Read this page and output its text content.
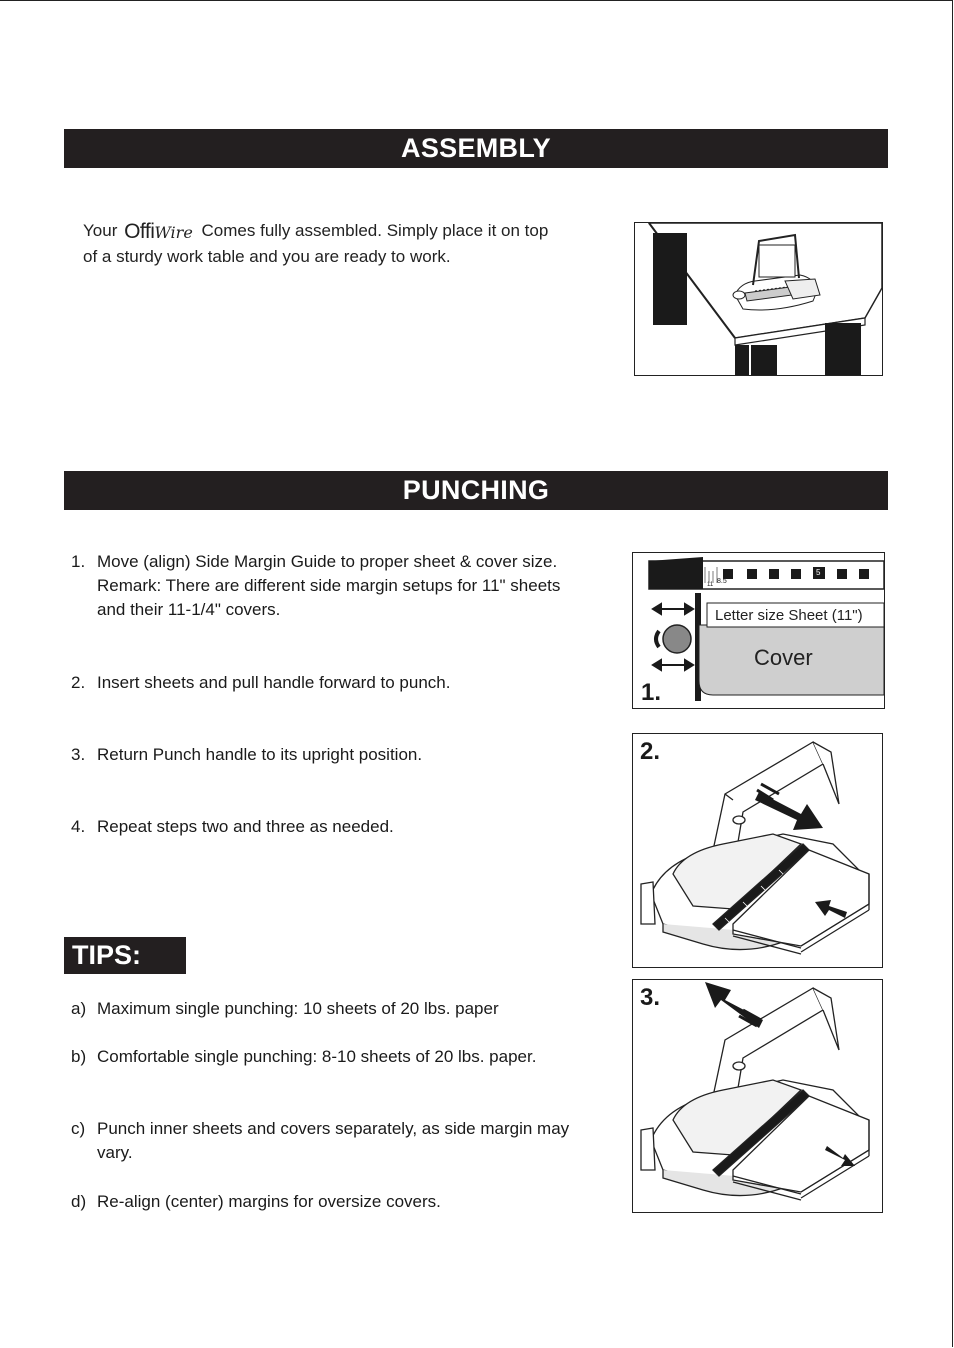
ASSEMBLY
Your OffiWire Comes fully assembled. Simply place it on top of a sturdy work table and you are ready to work.
PUNCHING
1. Move (align) Side Margin Guide to proper sheet & cover size. Remark: There are different side margin setups for 11" sheets and their 11-1/4" covers.
2. Insert sheets and pull handle forward to punch.
3. Return Punch handle to its upright position.
4. Repeat steps two and three as needed.
Letter size Sheet (11")
Cover
5
8.5
11
1.
2.
TIPS:
a) Maximum single punching: 10 sheets of 20 lbs. paper
b) Comfortable single punching: 8-10 sheets of 20 lbs. paper.
c) Punch inner sheets and covers separately, as side margin may vary.
d) Re-align (center) margins for oversize covers.
3.
